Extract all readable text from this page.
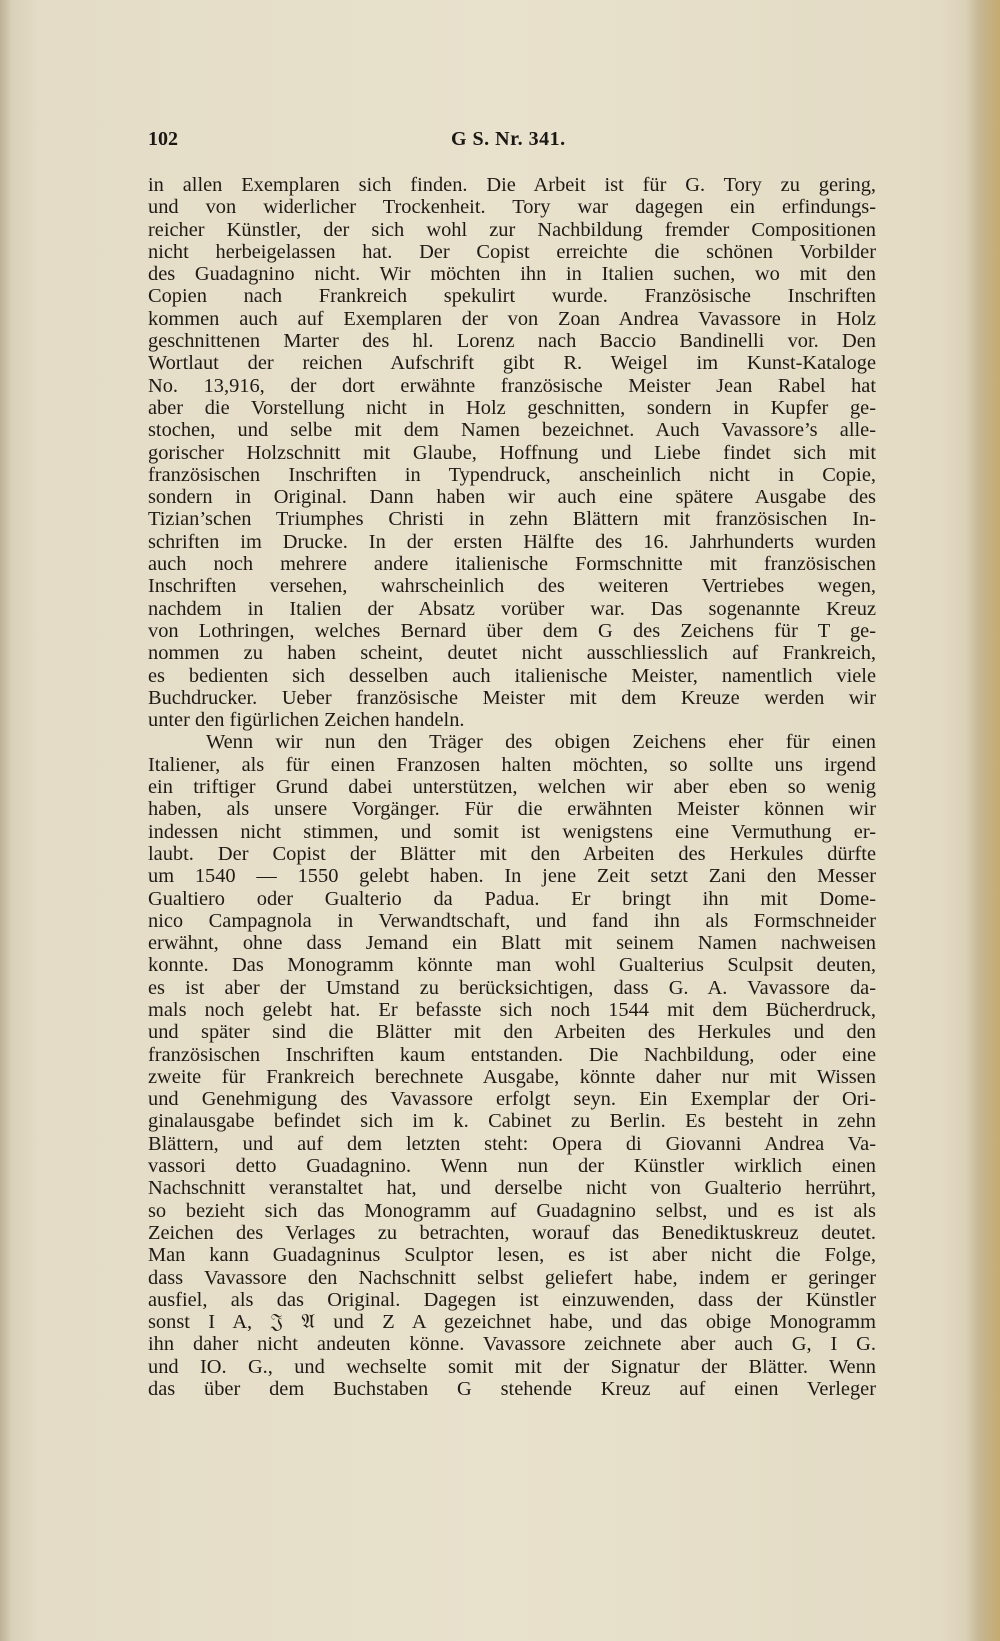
102	G S. Nr. 341.
in allen Exemplaren sich finden. Die Arbeit ist für G. Tory zu gering,
und von widerlicher Trockenheit. Tory war dagegen ein erfindungs-
reicher Künstler, der sich wohl zur Nachbildung fremder Compositionen
nicht herbeigelassen hat. Der Copist erreichte die schönen Vorbilder
des Guadagnino nicht. Wir möchten ihn in Italien suchen, wo mit den
Copien nach Frankreich spekulirt wurde. Französische Inschriften
kommen auch auf Exemplaren der von Zoan Andrea Vavassore in Holz
geschnittenen Marter des hl. Lorenz nach Baccio Bandinelli vor. Den
Wortlaut der reichen Aufschrift gibt R. Weigel im Kunst-Kataloge
No. 13,916, der dort erwähnte französische Meister Jean Rabel hat
aber die Vorstellung nicht in Holz geschnitten, sondern in Kupfer ge-
stochen, und selbe mit dem Namen bezeichnet. Auch Vavassore’s alle-
gorischer Holzschnitt mit Glaube, Hoffnung und Liebe findet sich mit
französischen Inschriften in Typendruck, anscheinlich nicht in Copie,
sondern in Original. Dann haben wir auch eine spätere Ausgabe des
Tizian’schen Triumphes Christi in zehn Blättern mit französischen In-
schriften im Drucke. In der ersten Hälfte des 16. Jahrhunderts wurden
auch noch mehrere andere italienische Formschnitte mit französischen
Inschriften versehen, wahrscheinlich des weiteren Vertriebes wegen,
nachdem in Italien der Absatz vorüber war. Das sogenannte Kreuz
von Lothringen, welches Bernard über dem G des Zeichens für T ge-
nommen zu haben scheint, deutet nicht ausschliesslich auf Frankreich,
es bedienten sich desselben auch italienische Meister, namentlich viele
Buchdrucker. Ueber französische Meister mit dem Kreuze werden wir
unter den figürlichen Zeichen handeln.
Wenn wir nun den Träger des obigen Zeichens eher für einen
Italiener, als für einen Franzosen halten möchten, so sollte uns irgend
ein triftiger Grund dabei unterstützen, welchen wir aber eben so wenig
haben, als unsere Vorgänger. Für die erwähnten Meister können wir
indessen nicht stimmen, und somit ist wenigstens eine Vermuthung er-
laubt. Der Copist der Blätter mit den Arbeiten des Herkules dürfte
um 1540 — 1550 gelebt haben. In jene Zeit setzt Zani den Messer
Gualtiero oder Gualterio da Padua. Er bringt ihn mit Dome-
nico Campagnola in Verwandtschaft, und fand ihn als Formschneider
erwähnt, ohne dass Jemand ein Blatt mit seinem Namen nachweisen
konnte. Das Monogramm könnte man wohl Gualterius Sculpsit deuten,
es ist aber der Umstand zu berücksichtigen, dass G. A. Vavassore da-
mals noch gelebt hat. Er befasste sich noch 1544 mit dem Bücherdruck,
und später sind die Blätter mit den Arbeiten des Herkules und den
französischen Inschriften kaum entstanden. Die Nachbildung, oder eine
zweite für Frankreich berechnete Ausgabe, könnte daher nur mit Wissen
und Genehmigung des Vavassore erfolgt seyn. Ein Exemplar der Ori-
ginalausgabe befindet sich im k. Cabinet zu Berlin. Es besteht in zehn
Blättern, und auf dem letzten steht: Opera di Giovanni Andrea Va-
vassori detto Guadagnino. Wenn nun der Künstler wirklich einen
Nachschnitt veranstaltet hat, und derselbe nicht von Gualterio herrührt,
so bezieht sich das Monogramm auf Guadagnino selbst, und es ist als
Zeichen des Verlages zu betrachten, worauf das Benediktuskreuz deutet.
Man kann Guadagninus Sculptor lesen, es ist aber nicht die Folge,
dass Vavassore den Nachschnitt selbst geliefert habe, indem er geringer
ausfiel, als das Original. Dagegen ist einzuwenden, dass der Künstler
sonst I A, 𝔍 𝔄 und Z A gezeichnet habe, und das obige Monogramm
ihn daher nicht andeuten könne. Vavassore zeichnete aber auch G, I G.
und IO. G., und wechselte somit mit der Signatur der Blätter. Wenn
das über dem Buchstaben G stehende Kreuz auf einen Verleger
